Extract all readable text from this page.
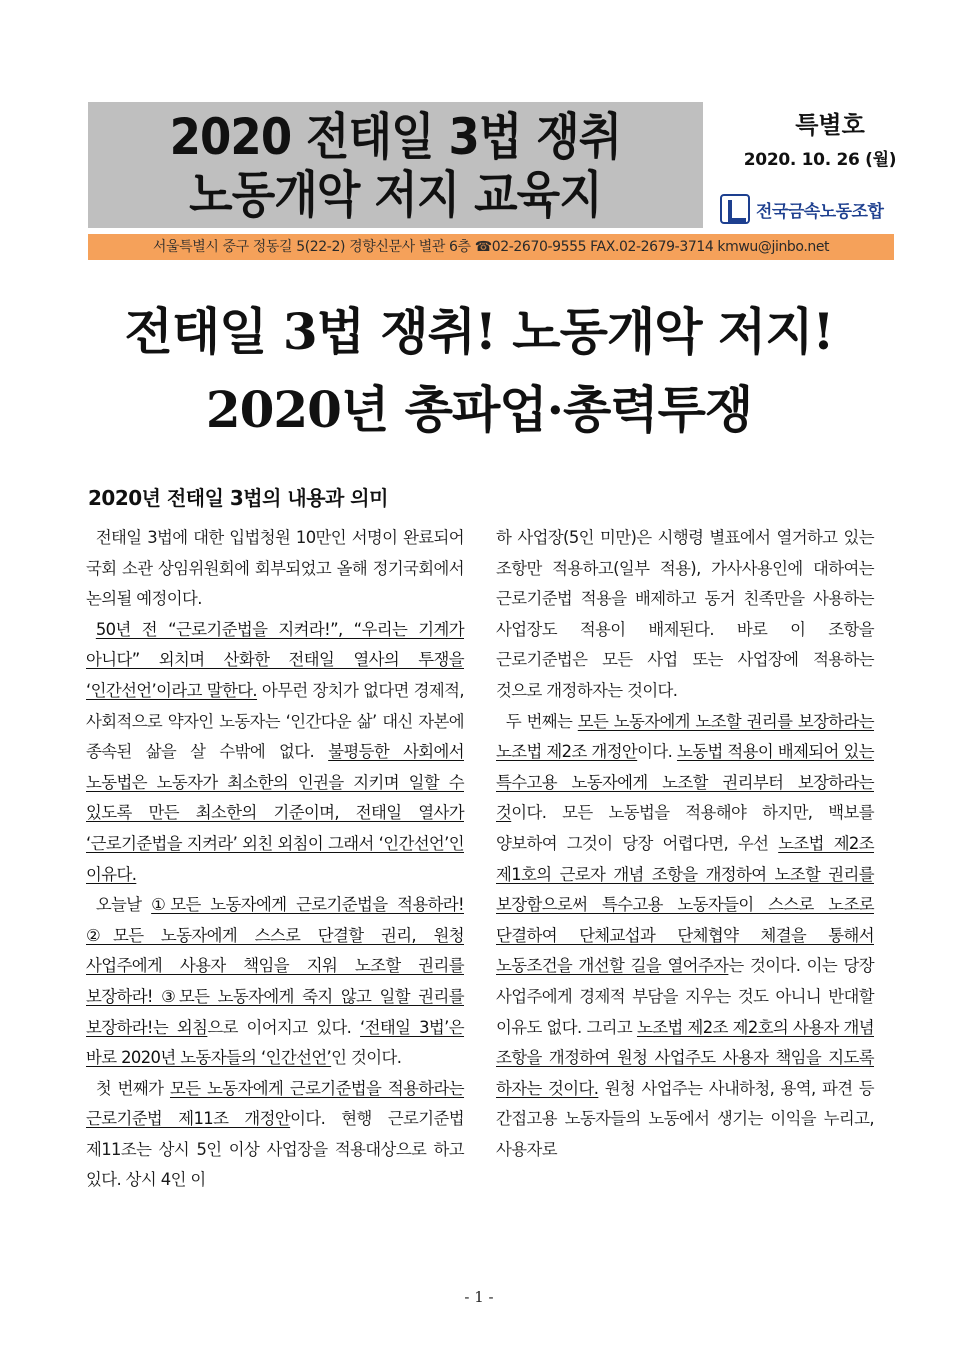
2020 전태일 3법 쟁취
노동개악 저지 교육지
특별호
2020. 10. 26 (월)
전국금속노동조합
서울특별시 중구 정동길 5(22-2) 경향신문사 별관 6층 ☎02-2670-9555 FAX.02-2679-3714 kmwu@jinbo.net
전태일 3법 쟁취! 노동개악 저지!
2020년 총파업·총력투쟁
2020년 전태일 3법의 내용과 의미

전태일 3법에 대한 입법청원 10만인 서명이 완료되어 국회 소관 상임위원회에 회부되었고 올해 정기국회에서 논의될 예정이다.

50년 전 “근로기준법을 지켜라!”, “우리는 기계가 아니다” 외치며 산화한 전태일 열사의 투쟁을 ‘인간선언’이라고 말한다. 아무런 장치가 없다면 경제적, 사회적으로 약자인 노동자는 ‘인간다운 삶’ 대신 자본에 종속된 삶을 살 수밖에 없다. 불평등한 사회에서 노동법은 노동자가 최소한의 인권을 지키며 일할 수 있도록 만든 최소한의 기준이며, 전태일 열사가 ‘근로기준법을 지켜라’ 외친 외침이 그래서 ‘인간선언’인 이유다.

오늘날 ①모든 노동자에게 근로기준법을 적용하라! ②모든 노동자에게 스스로 단결할 권리, 원청 사업주에게 사용자 책임을 지워 노조할 권리를 보장하라! ③모든 노동자에게 죽지 않고 일할 권리를 보장하라!는 외침으로 이어지고 있다. ‘전태일 3법’은 바로 2020년 노동자들의 ‘인간선언’인 것이다.

첫 번째가 모든 노동자에게 근로기준법을 적용하라는 근로기준법 제11조 개정안이다. 현행 근로기준법 제11조는 상시 5인 이상 사업장을 적용대상으로 하고 있다. 상시 4인 이

하 사업장(5인 미만)은 시행령 별표에서 열거하고 있는 조항만 적용하고(일부 적용), 가사사용인에 대하여는 근로기준법 적용을 배제하고 동거 친족만을 사용하는 사업장도 적용이 배제된다. 바로 이 조항을 근로기준법은 모든 사업 또는 사업장에 적용하는 것으로 개정하자는 것이다.

두 번째는 모든 노동자에게 노조할 권리를 보장하라는 노조법 제2조 개정안이다. 노동법 적용이 배제되어 있는 특수고용 노동자에게 노조할 권리부터 보장하라는 것이다. 모든 노동법을 적용해야 하지만, 백보를 양보하여 그것이 당장 어렵다면, 우선 노조법 제2조 제1호의 근로자 개념 조항을 개정하여 노조할 권리를 보장함으로써 특수고용 노동자들이 스스로 노조로 단결하여 단체교섭과 단체협약 체결을 통해서 노동조건을 개선할 길을 열어주자는 것이다. 이는 당장 사업주에게 경제적 부담을 지우는 것도 아니니 반대할 이유도 없다. 그리고 노조법 제2조 제2호의 사용자 개념 조항을 개정하여 원청 사업주도 사용자 책임을 지도록 하자는 것이다. 원청 사업주는 사내하청, 용역, 파견 등 간접고용 노동자들의 노동에서 생기는 이익을 누리고, 사용자로

- 1 -
